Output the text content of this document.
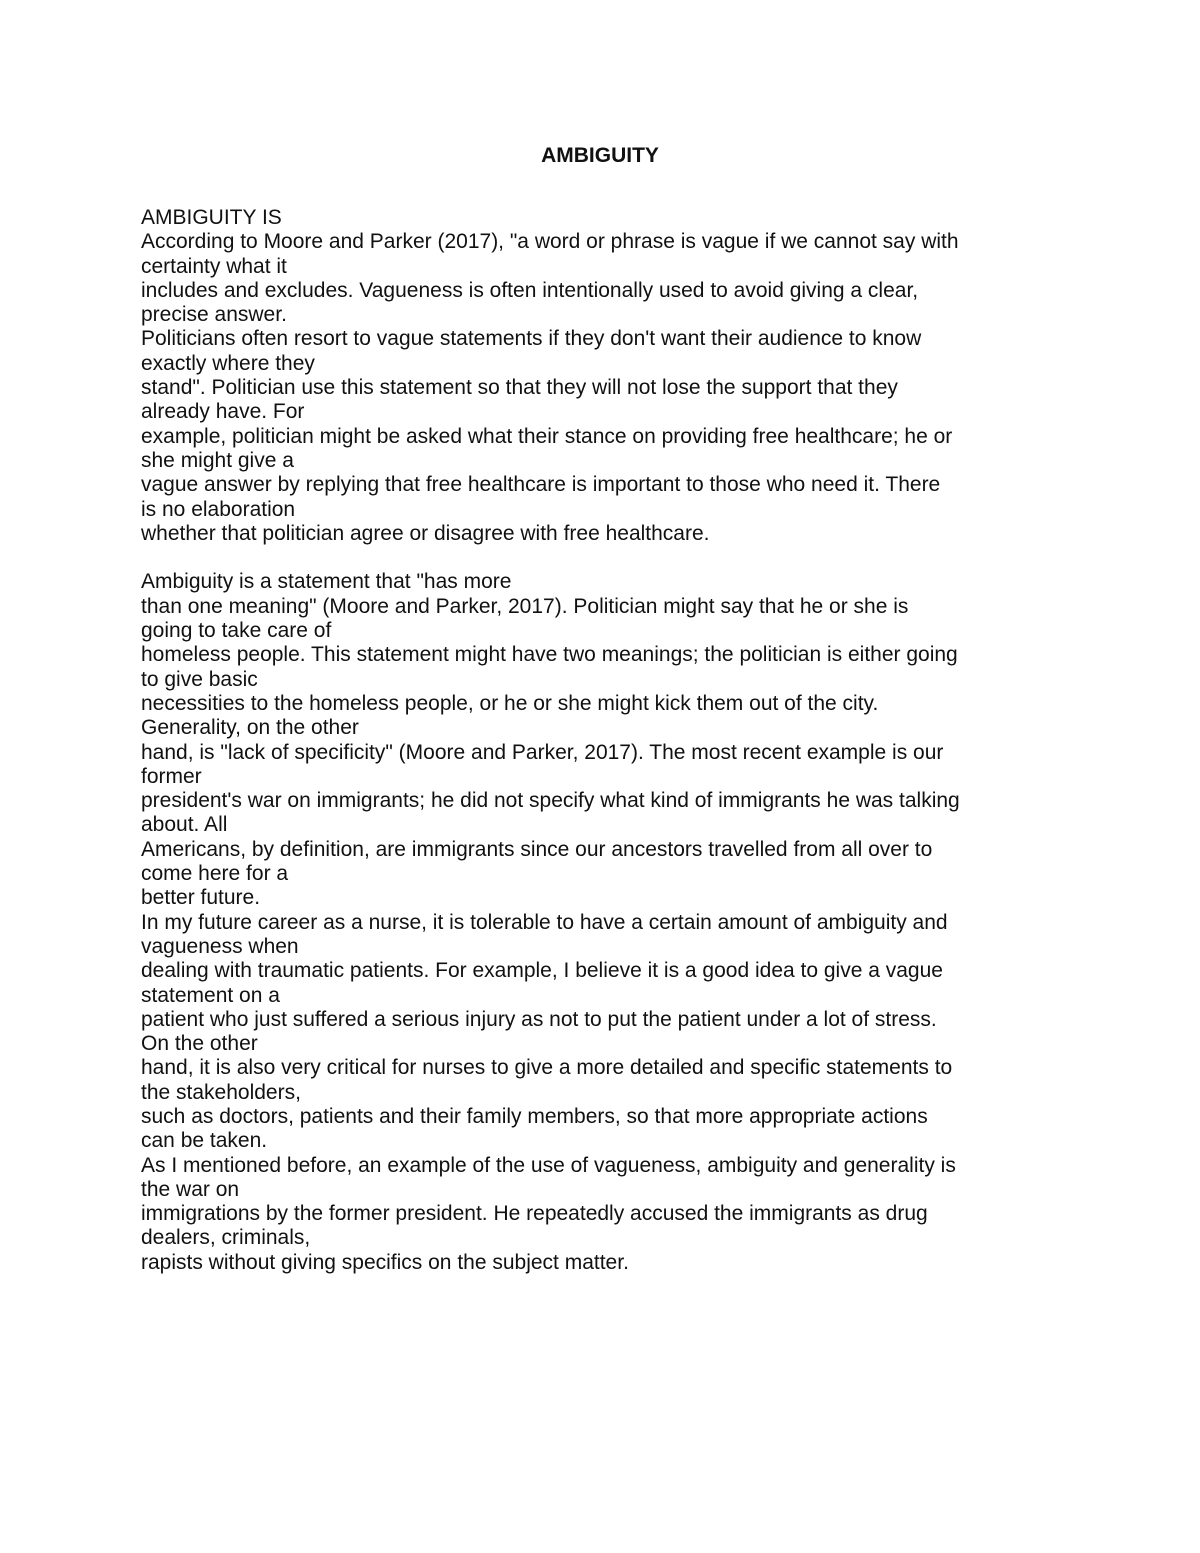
AMBIGUITY
AMBIGUITY IS
According to Moore and Parker (2017), "a word or phrase is vague if we cannot say with
certainty what it
includes and excludes. Vagueness is often intentionally used to avoid giving a clear,
precise answer.
Politicians often resort to vague statements if they don't want their audience to know
exactly where they
stand". Politician use this statement so that they will not lose the support that they
already have. For
example, politician might be asked what their stance on providing free healthcare; he or
she might give a
vague answer by replying that free healthcare is important to those who need it. There
is no elaboration
whether that politician agree or disagree with free healthcare.
Ambiguity is a statement that "has more
than one meaning" (Moore and Parker, 2017). Politician might say that he or she is
going to take care of
homeless people. This statement might have two meanings; the politician is either going
to give basic
necessities to the homeless people, or he or she might kick them out of the city.
Generality, on the other
hand, is "lack of specificity" (Moore and Parker, 2017). The most recent example is our
former
president's war on immigrants; he did not specify what kind of immigrants he was talking
about. All
Americans, by definition, are immigrants since our ancestors travelled from all over to
come here for a
better future.
In my future career as a nurse, it is tolerable to have a certain amount of ambiguity and
vagueness when
dealing with traumatic patients. For example, I believe it is a good idea to give a vague
statement on a
patient who just suffered a serious injury as not to put the patient under a lot of stress.
On the other
hand, it is also very critical for nurses to give a more detailed and specific statements to
the stakeholders,
such as doctors, patients and their family members, so that more appropriate actions
can be taken.
As I mentioned before, an example of the use of vagueness, ambiguity and generality is
the war on
immigrations by the former president. He repeatedly accused the immigrants as drug
dealers, criminals,
rapists without giving specifics on the subject matter.
